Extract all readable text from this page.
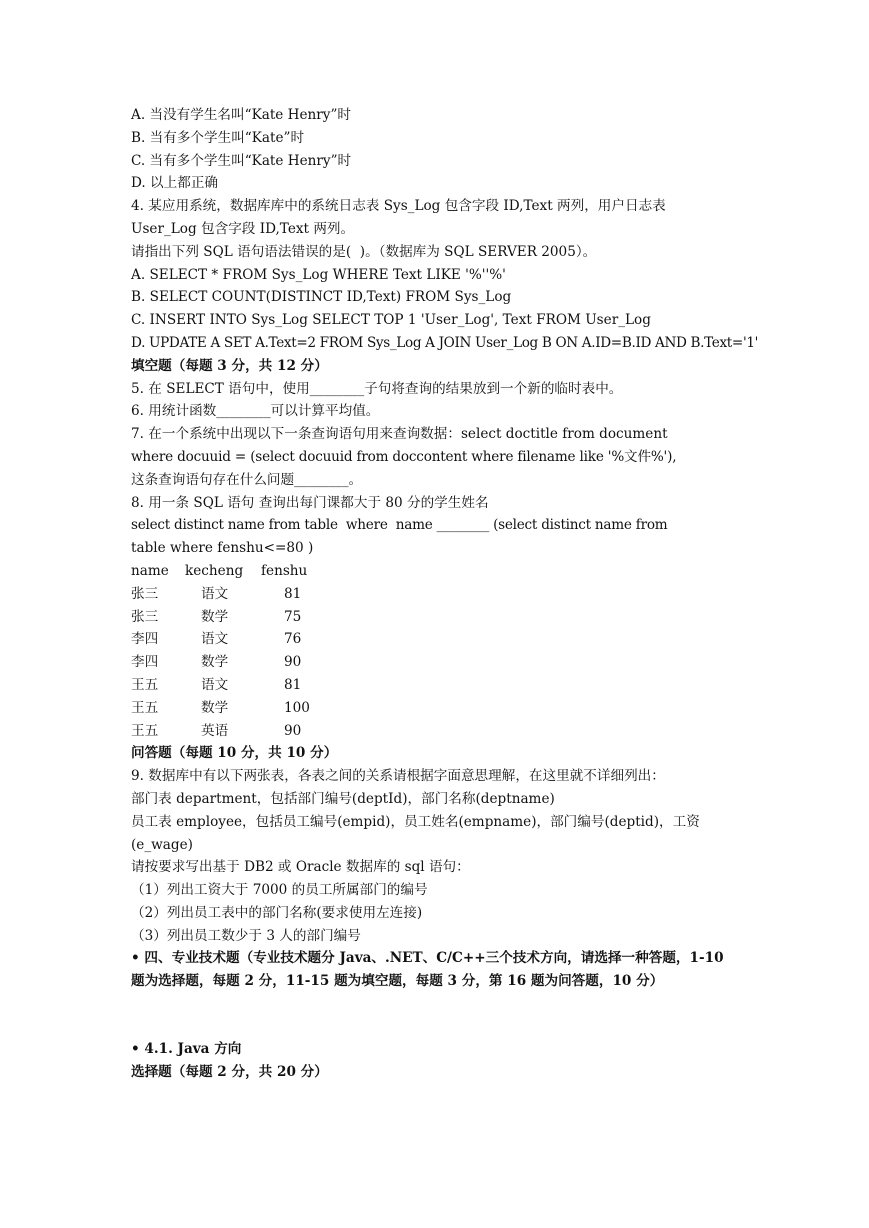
A. 当没有学生名叫“Kate Henry”时

B. 当有多个学生叫“Kate”时

C. 当有多个学生叫“Kate Henry”时

D. 以上都正确

4. 某应用系统，数据库库中的系统日志表 Sys_Log 包含字段 ID,Text 两列，用户日志表

User_Log 包含字段 ID,Text 两列。

请指出下列 SQL 语句语法错误的是(  )。（数据库为 SQL SERVER 2005）。

A. SELECT * FROM Sys_Log WHERE Text LIKE '%''%'

B. SELECT COUNT(DISTINCT ID,Text) FROM Sys_Log

C. INSERT INTO Sys_Log SELECT TOP 1 'User_Log', Text FROM User_Log

D. UPDATE A SET A.Text=2 FROM Sys_Log A JOIN User_Log B ON A.ID=B.ID AND B.Text='1'

填空题（每题 3 分，共 12 分）

5. 在 SELECT 语句中，使用________子句将查询的结果放到一个新的临时表中。

6. 用统计函数________可以计算平均值。

7. 在一个系统中出现以下一条查询语句用来查询数据：select doctitle from document

where docuuid = (select docuuid from doccontent where filename like '%文件%'),

这条查询语句存在什么问题________。

8. 用一条 SQL 语句 查询出每门课都大于 80 分的学生姓名

select distinct name from table  where  name ________ (select distinct name from

table where fenshu<=80 )

name	kecheng	fenshu
张三	语文	81
张三	数学	75
李四	语文	76
李四	数学	90
王五	语文	81
王五	数学	100
王五	英语	90

问答题（每题 10 分，共 10 分）

9. 数据库中有以下两张表，各表之间的关系请根据字面意思理解，在这里就不详细列出：

部门表 department，包括部门编号(deptId)，部门名称(deptname)

员工表 employee，包括员工编号(empid)，员工姓名(empname)，部门编号(deptid)，工资

(e_wage)

请按要求写出基于 DB2 或 Oracle 数据库的 sql 语句：

（1）列出工资大于 7000 的员工所属部门的编号

（2）列出员工表中的部门名称(要求使用左连接)

（3）列出员工数少于 3 人的部门编号

• 四、专业技术题（专业技术题分 Java、.NET、C/C++三个技术方向，请选择一种答题，1-10

题为选择题，每题 2 分，11-15 题为填空题，每题 3 分，第 16 题为问答题，10 分）

• 4.1. Java 方向

选择题（每题 2 分，共 20 分）
